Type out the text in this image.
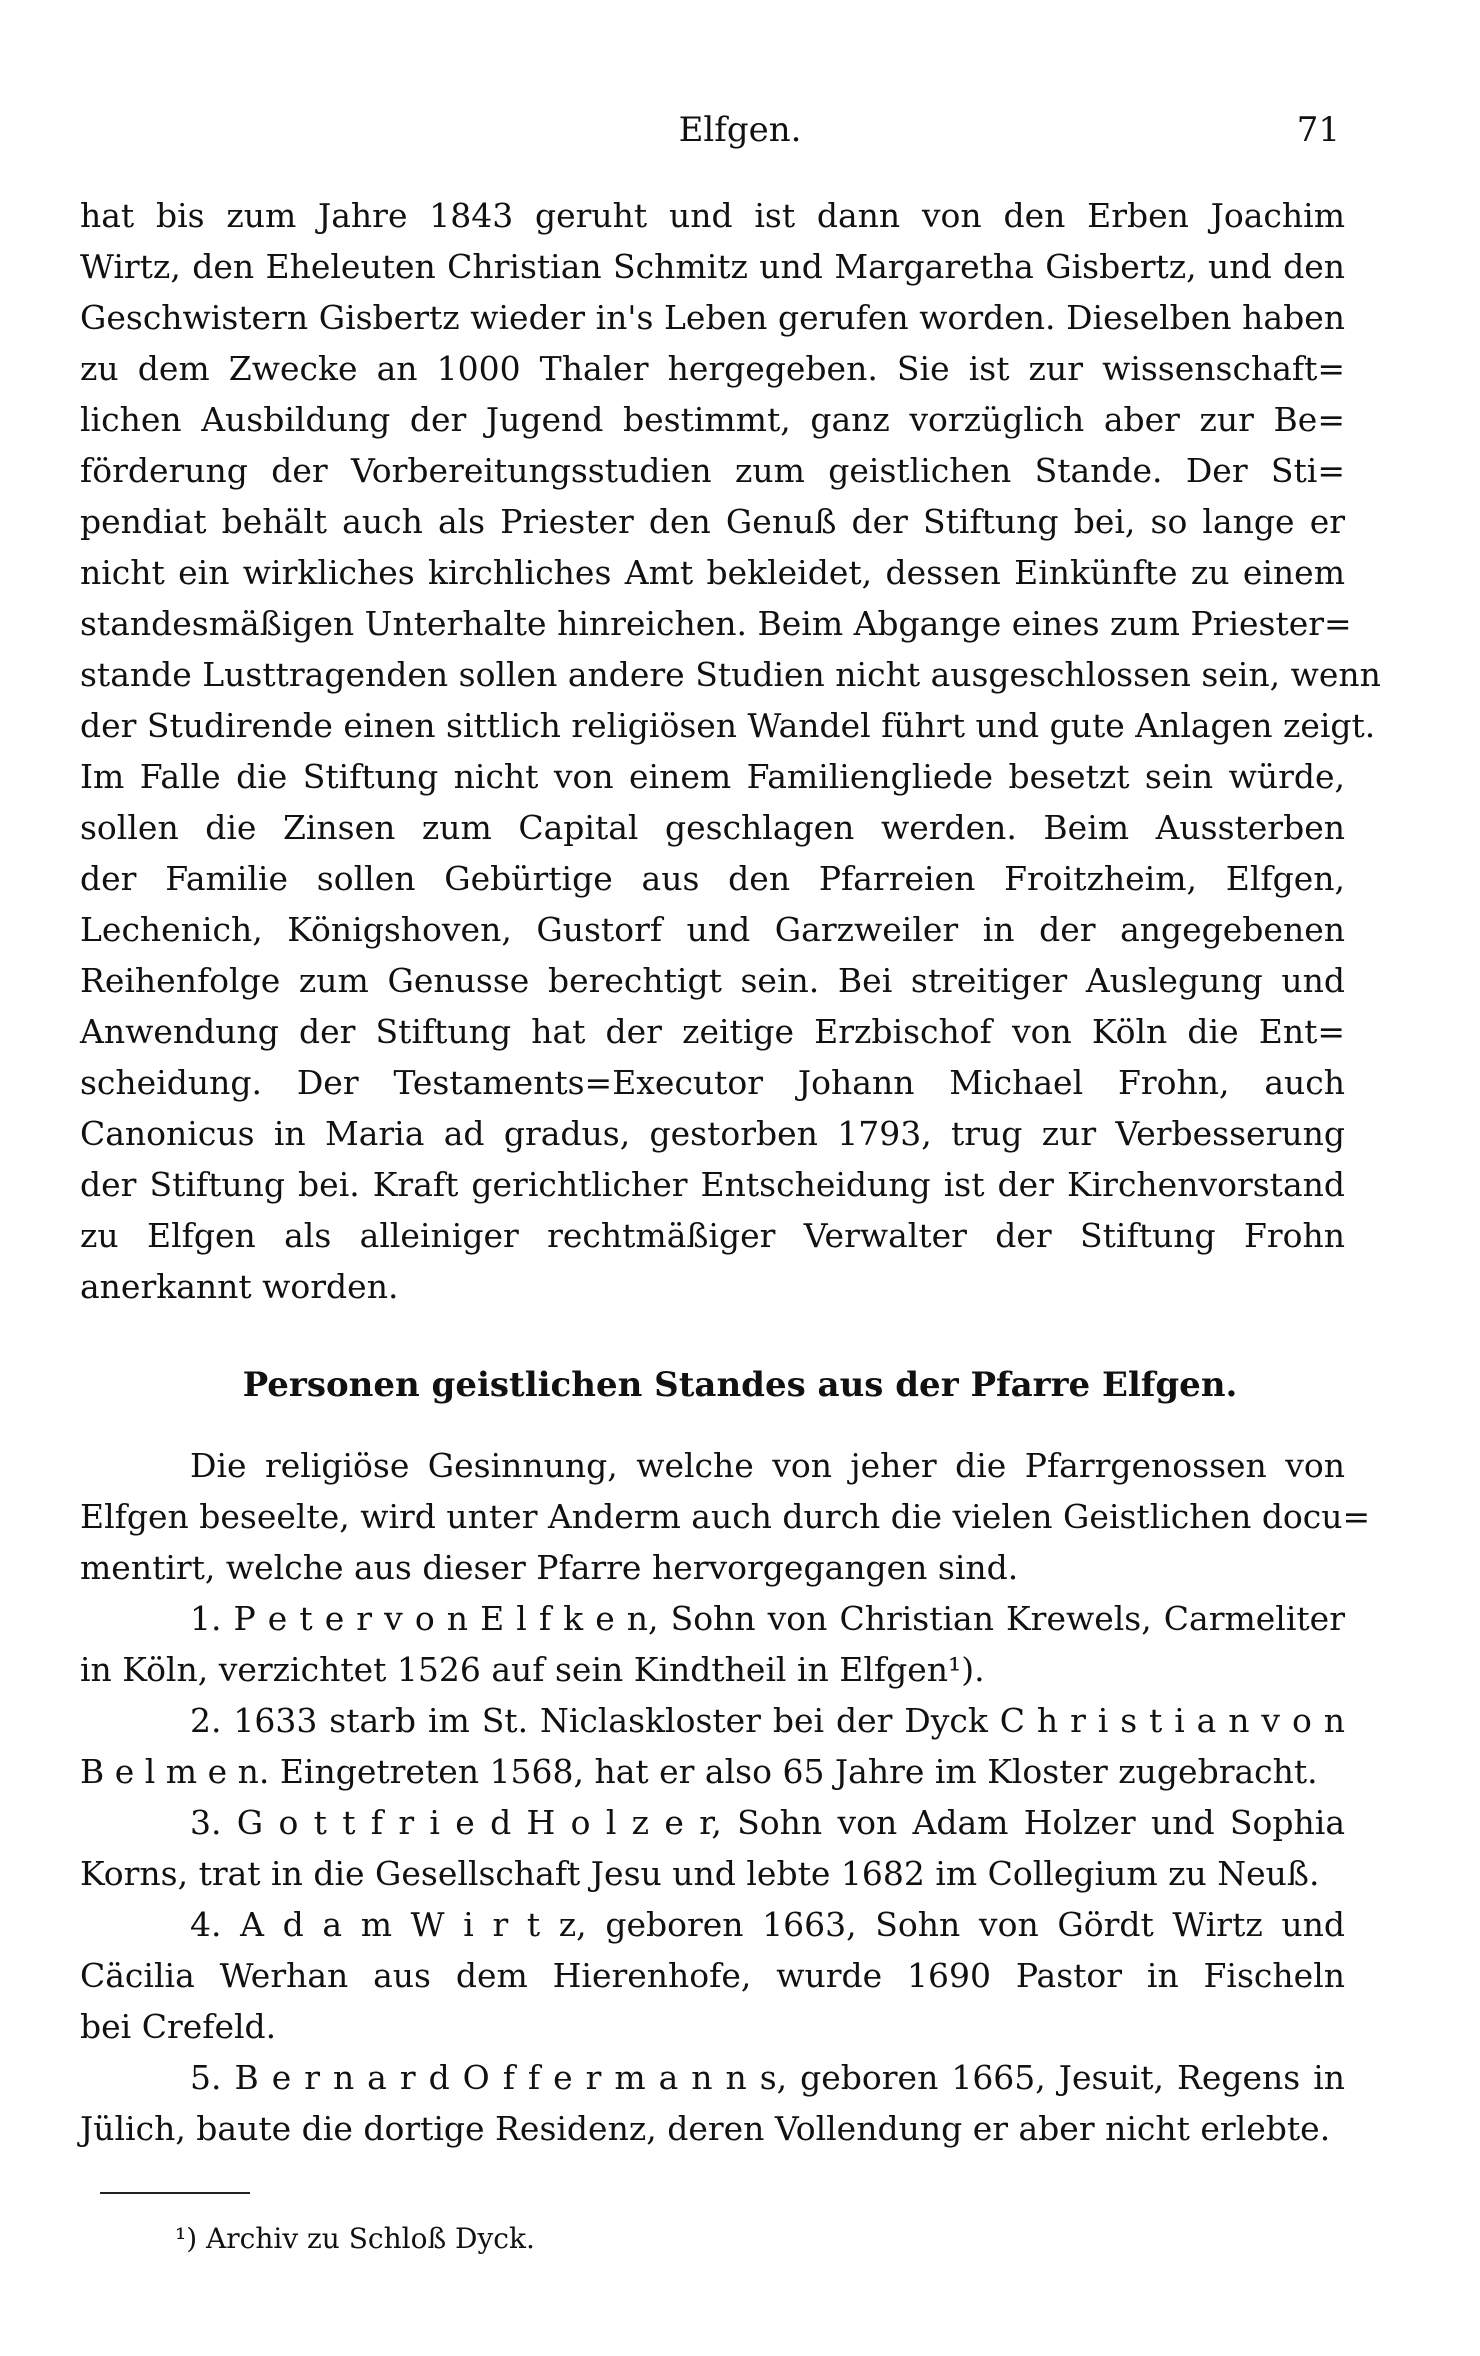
Elfgen.	71
hat bis zum Jahre 1843 geruht und ist dann von den Erben Joachim
Wirtz, den Eheleuten Christian Schmitz und Margaretha Gisbertz, und den
Geschwistern Gisbertz wieder in's Leben gerufen worden. Dieselben haben
zu dem Zwecke an 1000 Thaler hergegeben. Sie ist zur wissenschaft=
lichen Ausbildung der Jugend bestimmt, ganz vorzüglich aber zur Be=
förderung der Vorbereitungsstudien zum geistlichen Stande. Der Sti=
pendiat behält auch als Priester den Genuß der Stiftung bei, so lange er
nicht ein wirkliches kirchliches Amt bekleidet, dessen Einkünfte zu einem
standesmäßigen Unterhalte hinreichen. Beim Abgange eines zum Priester=
stande Lusttragenden sollen andere Studien nicht ausgeschlossen sein, wenn
der Studirende einen sittlich religiösen Wandel führt und gute Anlagen zeigt.
Im Falle die Stiftung nicht von einem Familiengliede besetzt sein würde,
sollen die Zinsen zum Capital geschlagen werden. Beim Aussterben
der Familie sollen Gebürtige aus den Pfarreien Froitzheim, Elfgen,
Lechenich, Königshoven, Gustorf und Garzweiler in der angegebenen
Reihenfolge zum Genusse berechtigt sein. Bei streitiger Auslegung und
Anwendung der Stiftung hat der zeitige Erzbischof von Köln die Ent=
scheidung. Der Testaments=Executor Johann Michael Frohn, auch
Canonicus in Maria ad gradus, gestorben 1793, trug zur Verbesserung
der Stiftung bei. Kraft gerichtlicher Entscheidung ist der Kirchenvorstand
zu Elfgen als alleiniger rechtmäßiger Verwalter der Stiftung Frohn
anerkannt worden.
Personen geistlichen Standes aus der Pfarre Elfgen.
Die religiöse Gesinnung, welche von jeher die Pfarrgenossen von
Elfgen beseelte, wird unter Anderm auch durch die vielen Geistlichen docu=
mentirt, welche aus dieser Pfarre hervorgegangen sind.
1. P e t e r v o n E l f k e n, Sohn von Christian Krewels, Carmeliter
in Köln, verzichtet 1526 auf sein Kindtheil in Elfgen¹).
2. 1633 starb im St. Niclaskloster bei der Dyck C h r i s t i a n v o n
B e l m e n. Eingetreten 1568, hat er also 65 Jahre im Kloster zugebracht.
3. G o t t f r i e d H o l z e r, Sohn von Adam Holzer und Sophia
Korns, trat in die Gesellschaft Jesu und lebte 1682 im Collegium zu Neuß.
4. A d a m W i r t z, geboren 1663, Sohn von Gördt Wirtz und
Cäcilia Werhan aus dem Hierenhofe, wurde 1690 Pastor in Fischeln
bei Crefeld.
5. B e r n a r d O f f e r m a n n s, geboren 1665, Jesuit, Regens in
Jülich, baute die dortige Residenz, deren Vollendung er aber nicht erlebte.
¹) Archiv zu Schloß Dyck.
